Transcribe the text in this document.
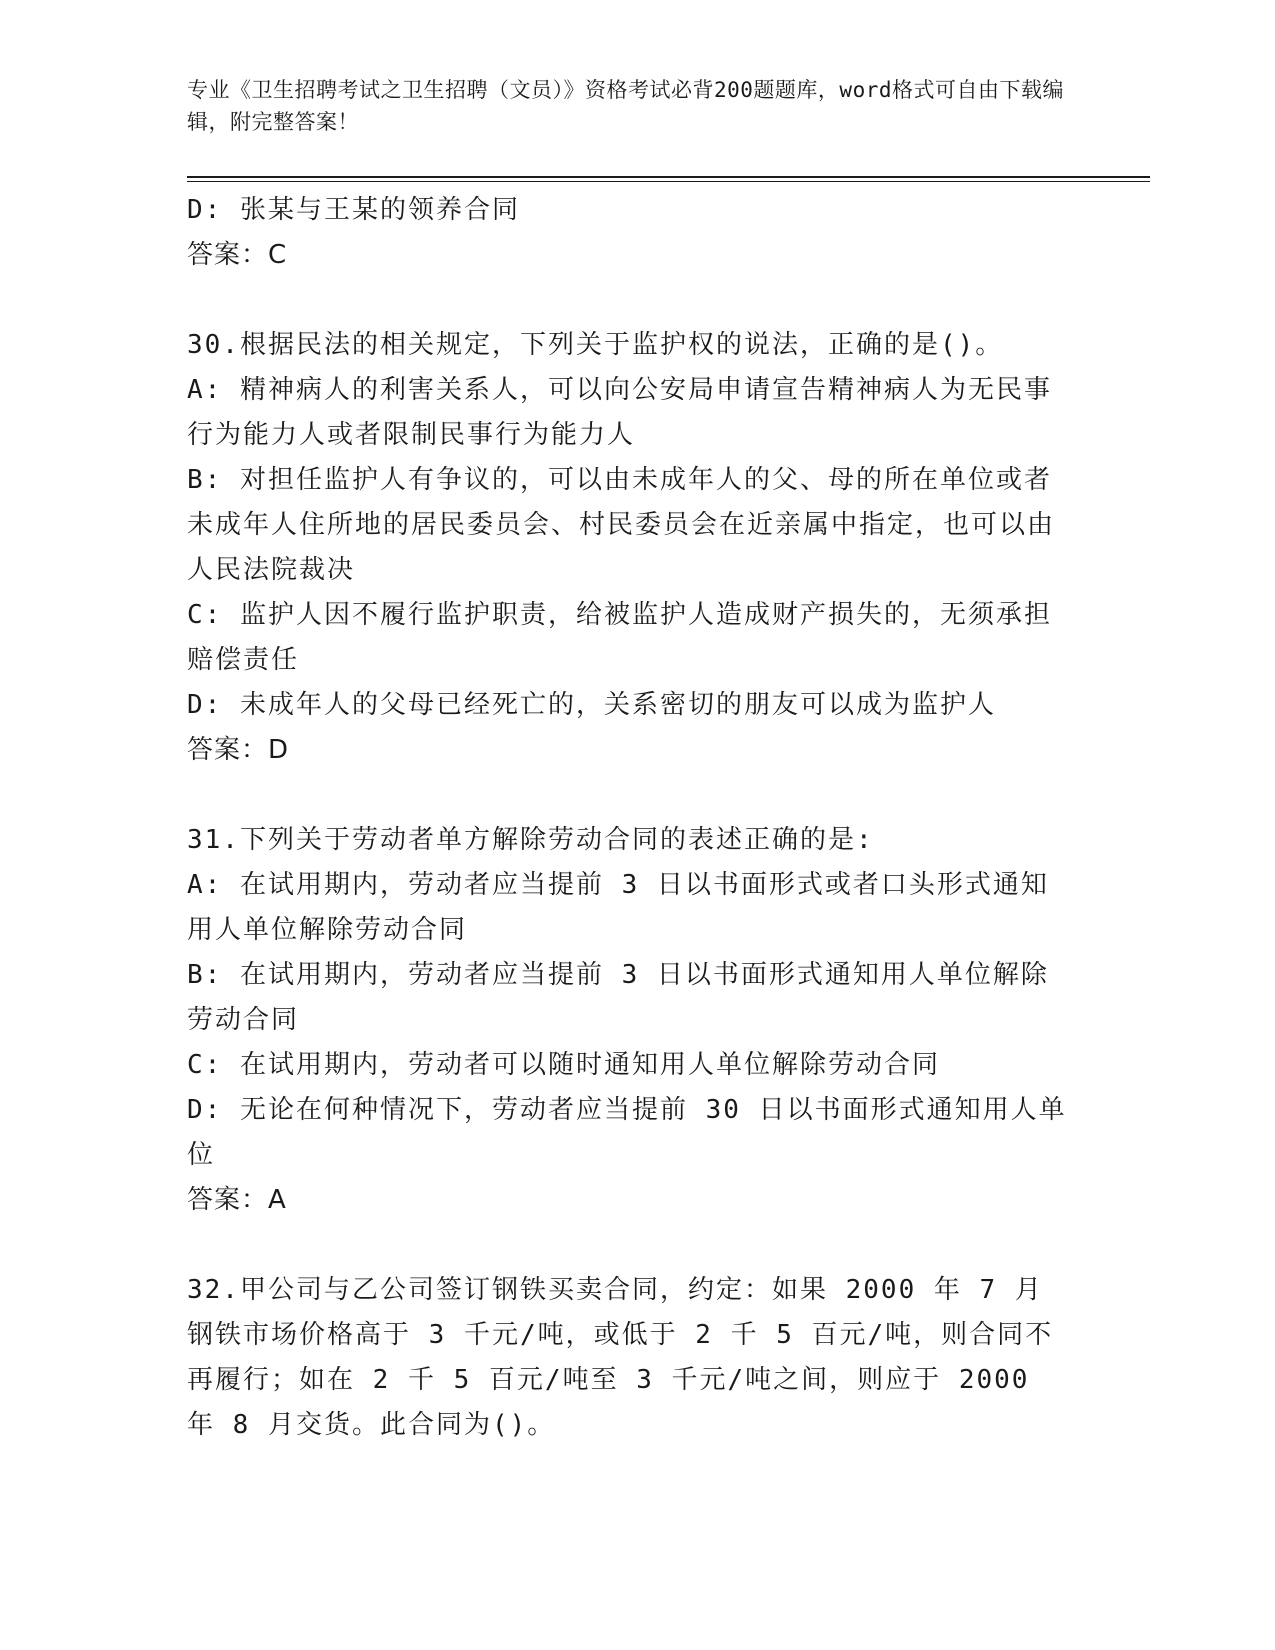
专业《卫生招聘考试之卫生招聘（文员）》资格考试必背200题题库，word格式可自由下载编辑，附完整答案！
D: 张某与王某的领养合同
答案：C
30.根据民法的相关规定，下列关于监护权的说法，正确的是()。
A: 精神病人的利害关系人，可以向公安局申请宣告精神病人为无民事行为能力人或者限制民事行为能力人
B: 对担任监护人有争议的，可以由未成年人的父、母的所在单位或者未成年人住所地的居民委员会、村民委员会在近亲属中指定，也可以由人民法院裁决
C: 监护人因不履行监护职责，给被监护人造成财产损失的，无须承担赔偿责任
D: 未成年人的父母已经死亡的，关系密切的朋友可以成为监护人
答案：D
31.下列关于劳动者单方解除劳动合同的表述正确的是:
A: 在试用期内，劳动者应当提前 3 日以书面形式或者口头形式通知用人单位解除劳动合同
B: 在试用期内，劳动者应当提前 3 日以书面形式通知用人单位解除劳动合同
C: 在试用期内，劳动者可以随时通知用人单位解除劳动合同
D: 无论在何种情况下，劳动者应当提前 30 日以书面形式通知用人单位
答案：A
32.甲公司与乙公司签订钢铁买卖合同，约定：如果 2000 年 7 月钢铁市场价格高于 3 千元/吨，或低于 2 千 5 百元/吨，则合同不再履行；如在 2 千 5 百元/吨至 3 千元/吨之间，则应于 2000 年 8 月交货。此合同为()。
